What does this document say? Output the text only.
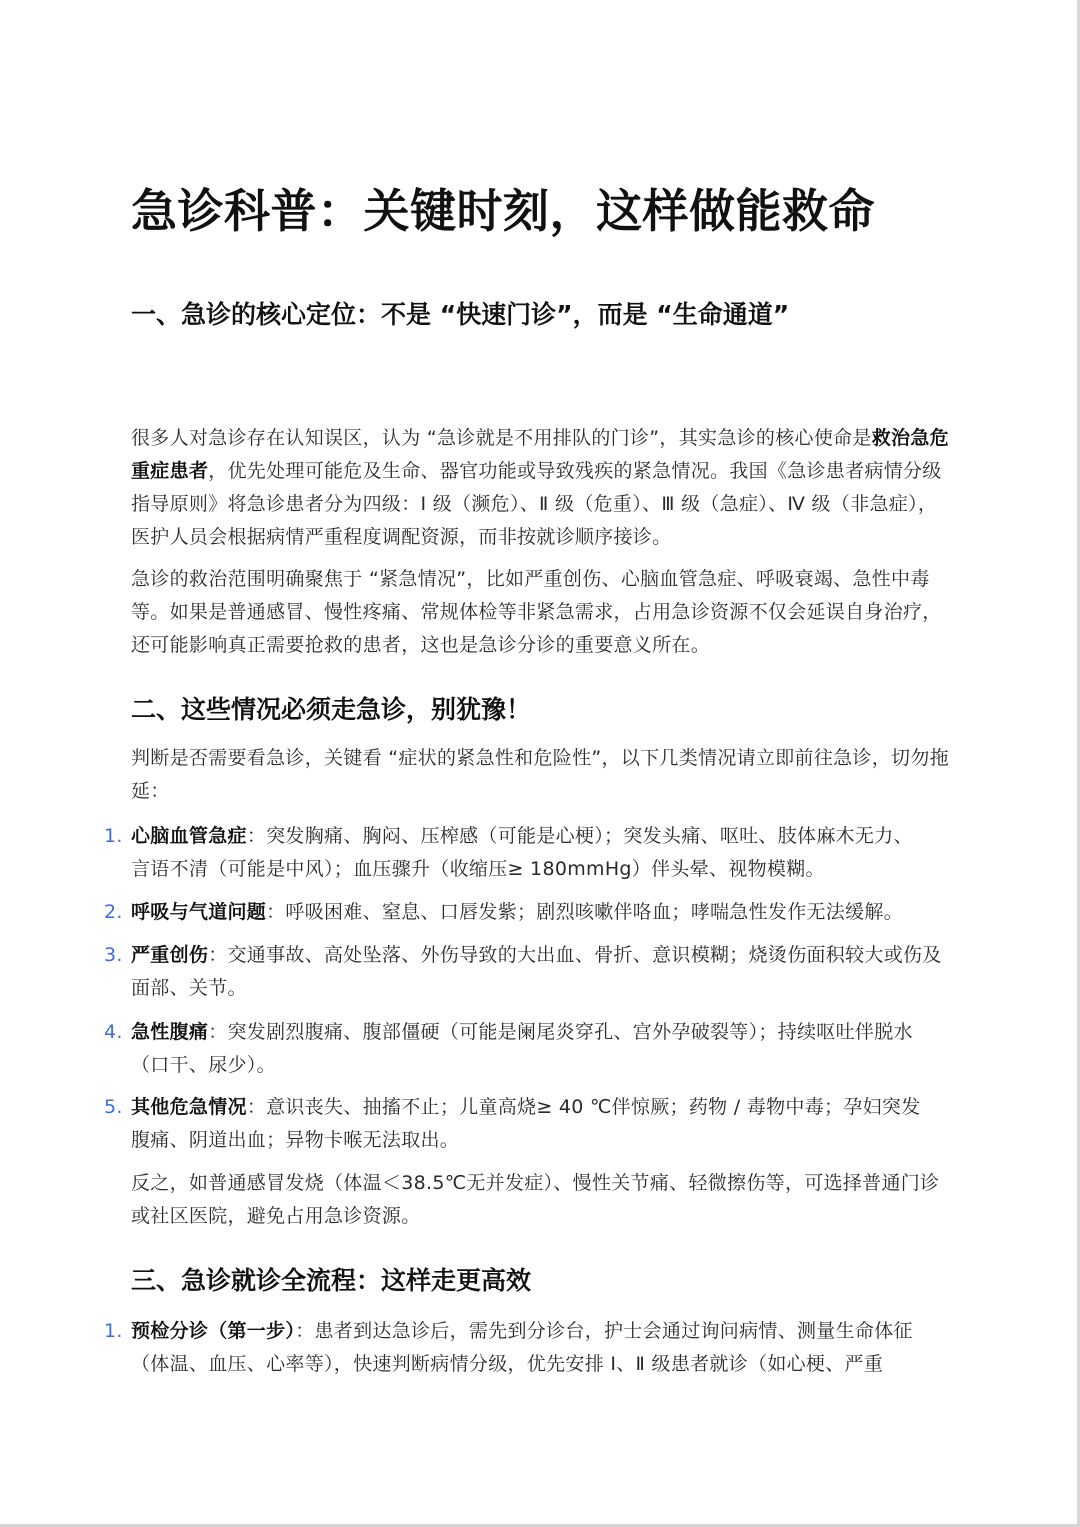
急诊科普：关键时刻，这样做能救命
一、急诊的核心定位：不是 “快速门诊”，而是 “生命通道”

很多人对急诊存在认知误区，认为 “急诊就是不用排队的门诊”，其实急诊的核心使命是救治急危重症患者，优先处理可能危及生命、器官功能或导致残疾的紧急情况。我国《急诊患者病情分级指导原则》将急诊患者分为四级：Ⅰ 级（濒危）、Ⅱ 级（危重）、Ⅲ 级（急症）、Ⅳ 级（非急症），医护人员会根据病情严重程度调配资源，而非按就诊顺序接诊。

急诊的救治范围明确聚焦于 “紧急情况”，比如严重创伤、心脑血管急症、呼吸衰竭、急性中毒等。如果是普通感冒、慢性疼痛、常规体检等非紧急需求，占用急诊资源不仅会延误自身治疗，还可能影响真正需要抢救的患者，这也是急诊分诊的重要意义所在。

二、这些情况必须走急诊，别犹豫！

判断是否需要看急诊，关键看 “症状的紧急性和危险性”，以下几类情况请立即前往急诊，切勿拖延：

1. 心脑血管急症：突发胸痛、胸闷、压榨感（可能是心梗）；突发头痛、呕吐、肢体麻木无力、
言语不清（可能是中风）；血压骤升（收缩压≥ 180mmHg）伴头晕、视物模糊。
2. 呼吸与气道问题：呼吸困难、窒息、口唇发紫；剧烈咳嗽伴咯血；哮喘急性发作无法缓解。
3. 严重创伤：交通事故、高处坠落、外伤导致的大出血、骨折、意识模糊；烧烫伤面积较大或伤及面部、关节。
4. 急性腹痛：突发剧烈腹痛、腹部僵硬（可能是阑尾炎穿孔、宫外孕破裂等）；持续呕吐伴脱水
（口干、尿少）。
5. 其他危急情况：意识丧失、抽搐不止；儿童高烧≥ 40 ℃伴惊厥；药物 / 毒物中毒；孕妇突发
腹痛、阴道出血；异物卡喉无法取出。

反之，如普通感冒发烧（体温＜38.5℃无并发症）、慢性关节痛、轻微擦伤等，可选择普通门诊或社区医院，避免占用急诊资源。

三、急诊就诊全流程：这样走更高效
1. 预检分诊（第一步）：患者到达急诊后，需先到分诊台，护士会通过询问病情、测量生命体征
（体温、血压、心率等），快速判断病情分级，优先安排 Ⅰ、Ⅱ 级患者就诊（如心梗、严重
